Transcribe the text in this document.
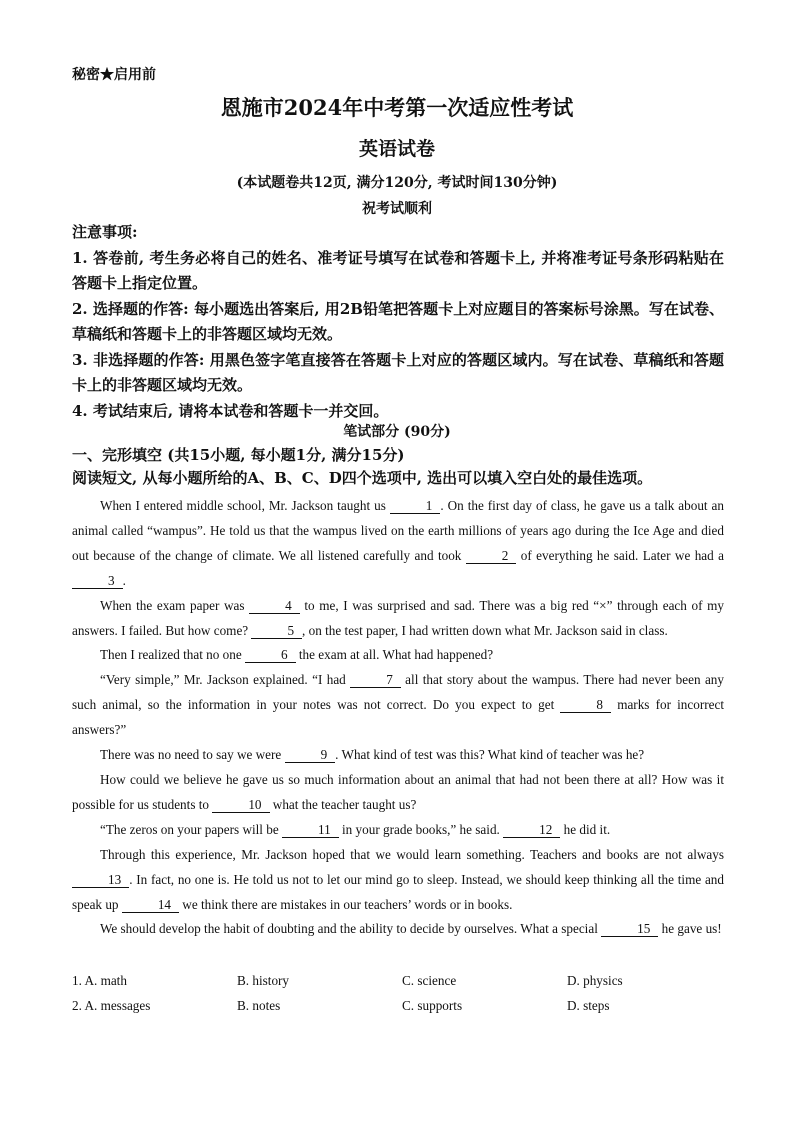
秘密★启用前
恩施市2024年中考第一次适应性考试
英语试卷
(本试题卷共12页, 满分120分, 考试时间130分钟)
祝考试顺利

注意事项:

1. 答卷前, 考生务必将自己的姓名、准考证号填写在试卷和答题卡上, 并将准考证号条形码粘贴在答题卡上指定位置。

2. 选择题的作答: 每小题选出答案后, 用2B铅笔把答题卡上对应题目的答案标号涂黑。写在试卷、草稿纸和答题卡上的非答题区域均无效。

3. 非选择题的作答: 用黑色签字笔直接答在答题卡上对应的答题区域内。写在试卷、草稿纸和答题卡上的非答题区域均无效。

4. 考试结束后, 请将本试卷和答题卡一并交回。

笔试部分 (90分)
一、完形填空 (共15小题, 每小题1分, 满分15分)
阅读短文, 从每小题所给的A、B、C、D四个选项中, 选出可以填入空白处的最佳选项。

When I entered middle school, Mr. Jackson taught us	1 . On the first day of class, he gave us a talk about an animal called “wampus”. He told us that the wampus lived on the earth millions of years ago during the Ice Age and died out because of the change of climate. We all listened carefully and took	2 of everything he said. Later we had a 3 .

When the exam paper was	4 to me, I was surprised and sad. There was a big red “×” through each of my answers. I failed. But how come?	5 , on the test paper, I had written down what Mr. Jackson said in class.

Then I realized that no one	6 the exam at all. What had happened?

“Very simple,” Mr. Jackson explained. “I had	7 all that story about the wampus. There had never been any such animal, so the information in your notes was not correct. Do you expect to get	8 marks for incorrect answers?”

There was no need to say we were	9 . What kind of test was this? What kind of teacher was he?

How could we believe he gave us so much information about an animal that had not been there at all? How was it possible for us students to	10 what the teacher taught us?

“The zeros on your papers will be	11 in your grade books,” he said.	12 he did it.

Through this experience, Mr. Jackson hoped that we would learn something. Teachers and books are not always 13 . In fact, no one is. He told us not to let our mind go to sleep. Instead, we should keep thinking all the time and speak up	14 we think there are mistakes in our teachers’ words or in books.

We should develop the habit of doubting and the ability to decide by ourselves. What a special	15 he gave us!

1. A. math	B. history	C. science	D. physics
2. A. messages	B. notes	C. supports	D. steps
